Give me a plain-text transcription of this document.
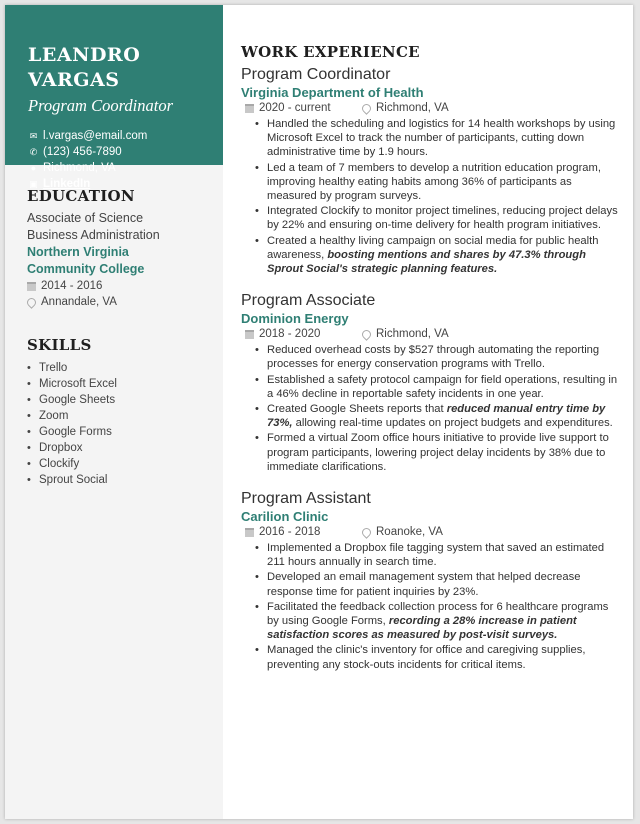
LEANDRO
VARGAS
Program Coordinator
✉ l.vargas@email.com
✆ (123) 456-7890
● Richmond, VA
▣ LinkedIn
EDUCATION
Associate of Science
Business Administration
Northern Virginia
Community College
2014 - 2016
Annandale, VA
SKILLS
• Trello
• Microsoft Excel
• Google Sheets
• Zoom
• Google Forms
• Dropbox
• Clockify
• Sprout Social
WORK EXPERIENCE
Program Coordinator
Virginia Department of Health
2020 - current	Richmond, VA
• Handled the scheduling and logistics for 14 health workshops by using Microsoft Excel to track the number of participants, cutting down administrative time by 1.9 hours.
• Led a team of 7 members to develop a nutrition education program, improving healthy eating habits among 36% of participants as measured by program surveys.
• Integrated Clockify to monitor project timelines, reducing project delays by 22% and ensuring on-time delivery for health program initiatives.
• Created a healthy living campaign on social media for public health awareness, boosting mentions and shares by 47.3% through Sprout Social's strategic planning features.
Program Associate
Dominion Energy
2018 - 2020	Richmond, VA
• Reduced overhead costs by $527 through automating the reporting processes for energy conservation programs with Trello.
• Established a safety protocol campaign for field operations, resulting in a 46% decline in reportable safety incidents in one year.
• Created Google Sheets reports that reduced manual entry time by 73%, allowing real-time updates on project budgets and expenditures.
• Formed a virtual Zoom office hours initiative to provide live support to program participants, lowering project delay incidents by 38% due to immediate clarifications.
Program Assistant
Carilion Clinic
2016 - 2018	Roanoke, VA
• Implemented a Dropbox file tagging system that saved an estimated 211 hours annually in search time.
• Developed an email management system that helped decrease response time for patient inquiries by 23%.
• Facilitated the feedback collection process for 6 healthcare programs by using Google Forms, recording a 28% increase in patient satisfaction scores as measured by post-visit surveys.
• Managed the clinic's inventory for office and caregiving supplies, preventing any stock-outs incidents for critical items.
